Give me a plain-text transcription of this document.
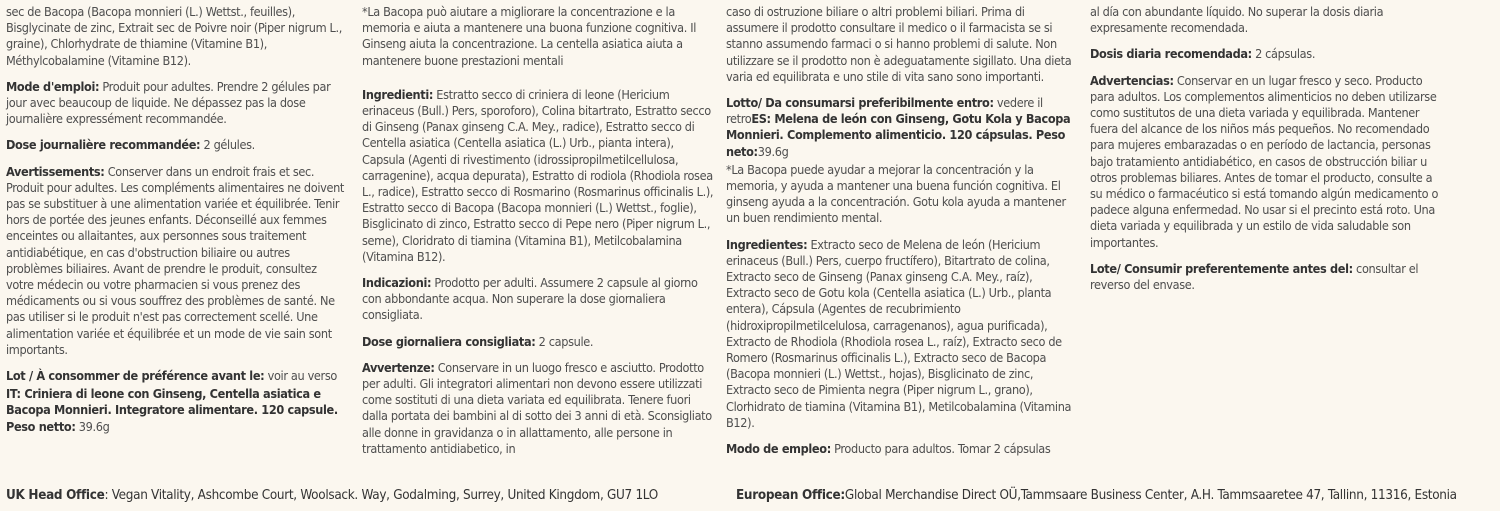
sec de Bacopa (Bacopa monnieri (L.) Wettst., feuilles), Bisglycinate de zinc, Extrait sec de Poivre noir (Piper nigrum L., graine), Chlorhydrate de thiamine (Vitamine B1), Méthylcobalamine (Vitamine B12).

Mode d'emploi: Produit pour adultes. Prendre 2 gélules par jour avec beaucoup de liquide. Ne dépassez pas la dose journalière expressément recommandée.

Dose journalière recommandée: 2 gélules.

Avertissements: Conserver dans un endroit frais et sec. Produit pour adultes. Les compléments alimentaires ne doivent pas se substituer à une alimentation variée et équilibrée. Tenir hors de portée des jeunes enfants. Déconseillé aux femmes enceintes ou allaitantes, aux personnes sous traitement antidiabétique, en cas d'obstruction biliaire ou autres problèmes biliaires. Avant de prendre le produit, consultez votre médecin ou votre pharmacien si vous prenez des médicaments ou si vous souffrez des problèmes de santé. Ne pas utiliser si le produit n'est pas correctement scellé. Une alimentation variée et équilibrée et un mode de vie sain sont importants.

Lot / À consommer de préférence avant le: voir au verso

IT: Criniera di leone con Ginseng, Centella asiatica e Bacopa Monnieri. Integratore alimentare. 120 capsule. Peso netto: 39.6g

*La Bacopa può aiutare a migliorare la concentrazione e la memoria e aiuta a mantenere una buona funzione cognitiva. Il Ginseng aiuta la concentrazione. La centella asiatica aiuta a mantenere buone prestazioni mentali

Ingredienti: Estratto secco di criniera di leone (Hericium erinaceus (Bull.) Pers, sporoforo), Colina bitartrato, Estratto secco di Ginseng (Panax ginseng C.A. Mey., radice), Estratto secco di Centella asiatica (Centella asiatica (L.) Urb., pianta intera), Capsula (Agenti di rivestimento (idrossipropilmetilcellulosa, carragenine), acqua depurata), Estratto di rodiola (Rhodiola rosea L., radice), Estratto secco di Rosmarino (Rosmarinus officinalis L.), Estratto secco di Bacopa (Bacopa monnieri (L.) Wettst., foglie), Bisglicinato di zinco, Estratto secco di Pepe nero (Piper nigrum L., seme), Cloridrato di tiamina (Vitamina B1), Metilcobalamina (Vitamina B12).

Indicazioni: Prodotto per adulti. Assumere 2 capsule al giorno con abbondante acqua. Non superare la dose giornaliera consigliata.

Dose giornaliera consigliata: 2 capsule.

Avvertenze: Conservare in un luogo fresco e asciutto. Prodotto per adulti. Gli integratori alimentari non devono essere utilizzati come sostituti di una dieta variata ed equilibrata. Tenere fuori dalla portata dei bambini al di sotto dei 3 anni di età. Sconsigliato alle donne in gravidanza o in allattamento, alle persone in trattamento antidiabetico, in

caso di ostruzione biliare o altri problemi biliari. Prima di assumere il prodotto consultare il medico o il farmacista se si stanno assumendo farmaci o si hanno problemi di salute. Non utilizzare se il prodotto non è adeguatamente sigillato. Una dieta varia ed equilibrata e uno stile di vita sano sono importanti.

Lotto/ Da consumarsi preferibilmente entro: vedere il retroES: Melena de león con Ginseng, Gotu Kola y Bacopa Monnieri. Complemento alimenticio. 120 cápsulas. Peso neto:39.6g

*La Bacopa puede ayudar a mejorar la concentración y la memoria, y ayuda a mantener una buena función cognitiva. El ginseng ayuda a la concentración. Gotu kola ayuda a mantener un buen rendimiento mental.

Ingredientes: Extracto seco de Melena de león (Hericium erinaceus (Bull.) Pers, cuerpo fructífero), Bitartrato de colina, Extracto seco de Ginseng (Panax ginseng C.A. Mey., raíz), Extracto seco de Gotu kola (Centella asiatica (L.) Urb., planta entera), Cápsula (Agentes de recubrimiento (hidroxipropilmetilcelulosa, carragenanos), agua purificada), Extracto de Rhodiola (Rhodiola rosea L., raíz), Extracto seco de Romero (Rosmarinus officinalis L.), Extracto seco de Bacopa (Bacopa monnieri (L.) Wettst., hojas), Bisglicinato de zinc, Extracto seco de Pimienta negra (Piper nigrum L., grano), Clorhidrato de tiamina (Vitamina B1), Metilcobalamina (Vitamina B12).

Modo de empleo: Producto para adultos. Tomar 2 cápsulas

al día con abundante líquido. No superar la dosis diaria expresamente recomendada.

Dosis diaria recomendada: 2 cápsulas.

Advertencias: Conservar en un lugar fresco y seco. Producto para adultos. Los complementos alimenticios no deben utilizarse como sustitutos de una dieta variada y equilibrada. Mantener fuera del alcance de los niños más pequeños. No recomendado para mujeres embarazadas o en período de lactancia, personas bajo tratamiento antidiabético, en casos de obstrucción biliar u otros problemas biliares. Antes de tomar el producto, consulte a su médico o farmacéutico si está tomando algún medicamento o padece alguna enfermedad. No usar si el precinto está roto. Una dieta variada y equilibrada y un estilo de vida saludable son importantes.

Lote/ Consumir preferentemente antes del: consultar el reverso del envase.

UK Head Office: Vegan Vitality, Ashcombe Court, Woolsack. Way, Godalming, Surrey, United Kingdom, GU7 1LO	European Office:Global Merchandise Direct OÜ,Tammsaare Business Center, A.H. Tammsaaretee 47, Tallinn, 11316, Estonia
